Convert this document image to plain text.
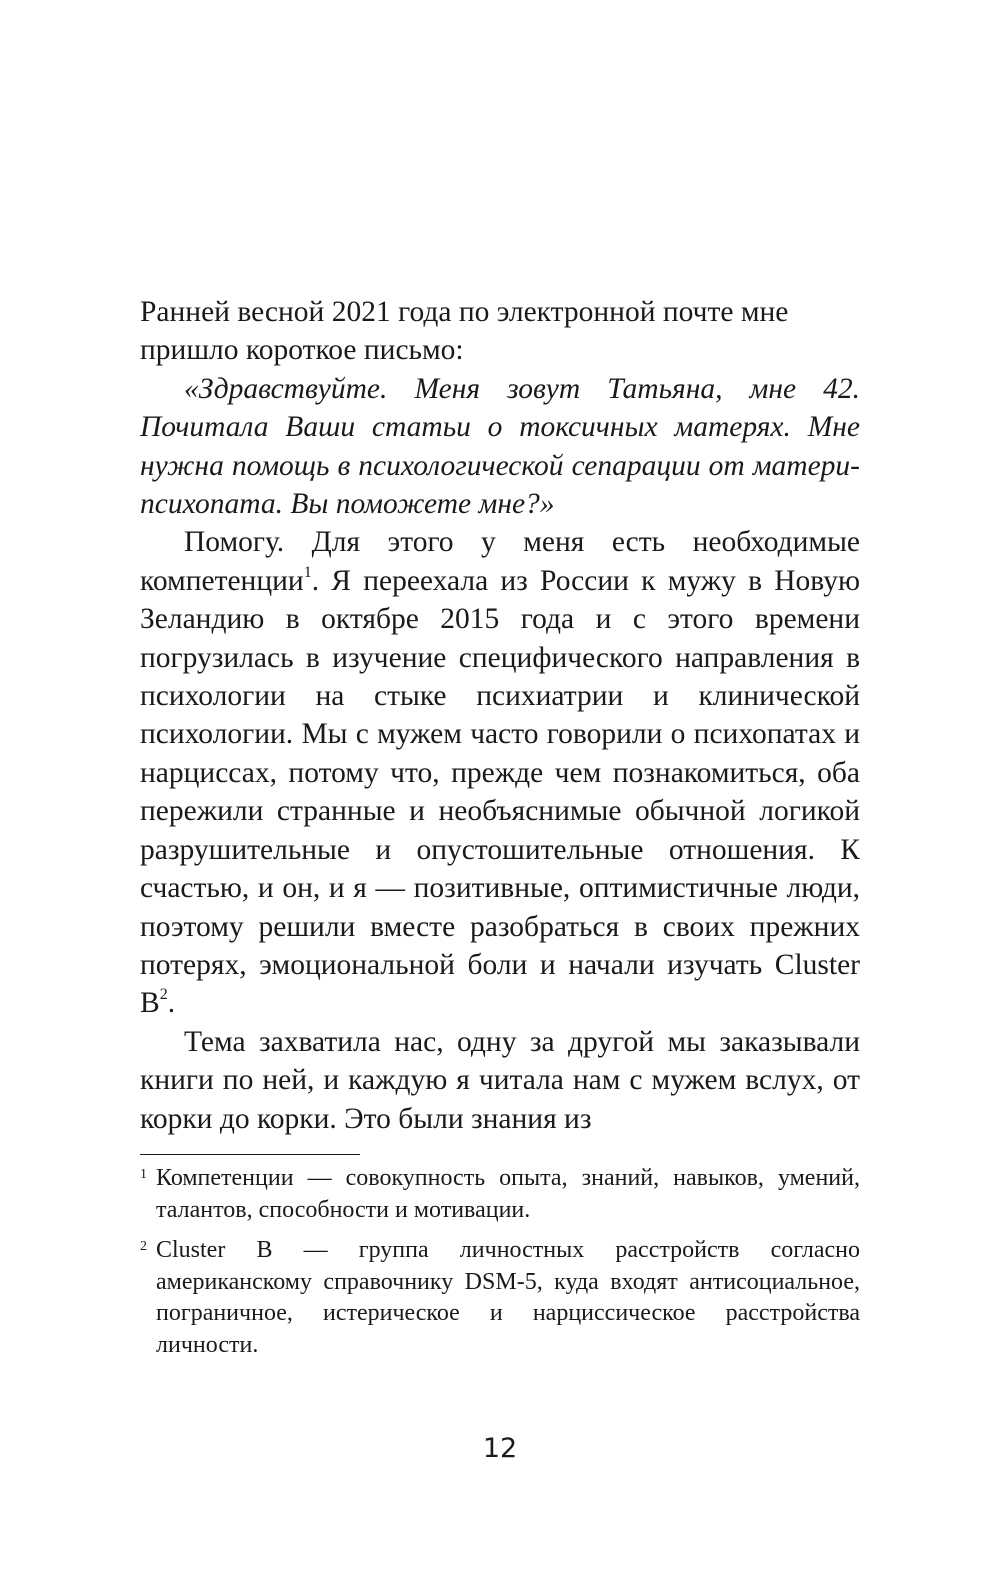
Ранней весной 2021 года по электронной почте мне
пришло короткое письмо:

«Здравствуйте. Меня зовут Татьяна, мне 42. Почитала Ваши статьи о токсичных матерях. Мне нужна помощь в психологической сепарации от матери-психопата. Вы поможете мне?»

Помогу. Для этого у меня есть необходимые компетенции$^1$. Я переехала из России к мужу в Новую Зеландию в октябре 2015 года и с этого времени погрузилась в изучение специфического направления в психологии на стыке психиатрии и клинической психологии. Мы с мужем часто говорили о психопатах и нарциссах, потому что, прежде чем познакомиться, оба пережили странные и необъяснимые обычной логикой разрушительные и опустошительные отношения. К счастью, и он, и я — позитивные, оптимистичные люди, поэтому решили вместе разобраться в своих прежних потерях, эмоциональной боли и начали изучать Cluster B$^2$.

Тема захватила нас, одну за другой мы заказывали книги по ней, и каждую я читала нам с мужем вслух, от корки до корки. Это были знания из

1 Компетенции — совокупность опыта, знаний, навыков, умений, талантов, способности и мотивации.

2 Cluster B — группа личностных расстройств согласно американскому справочнику DSM-5, куда входят антисоциальное, пограничное, истерическое и нарциссическое расстройства личности.

12
